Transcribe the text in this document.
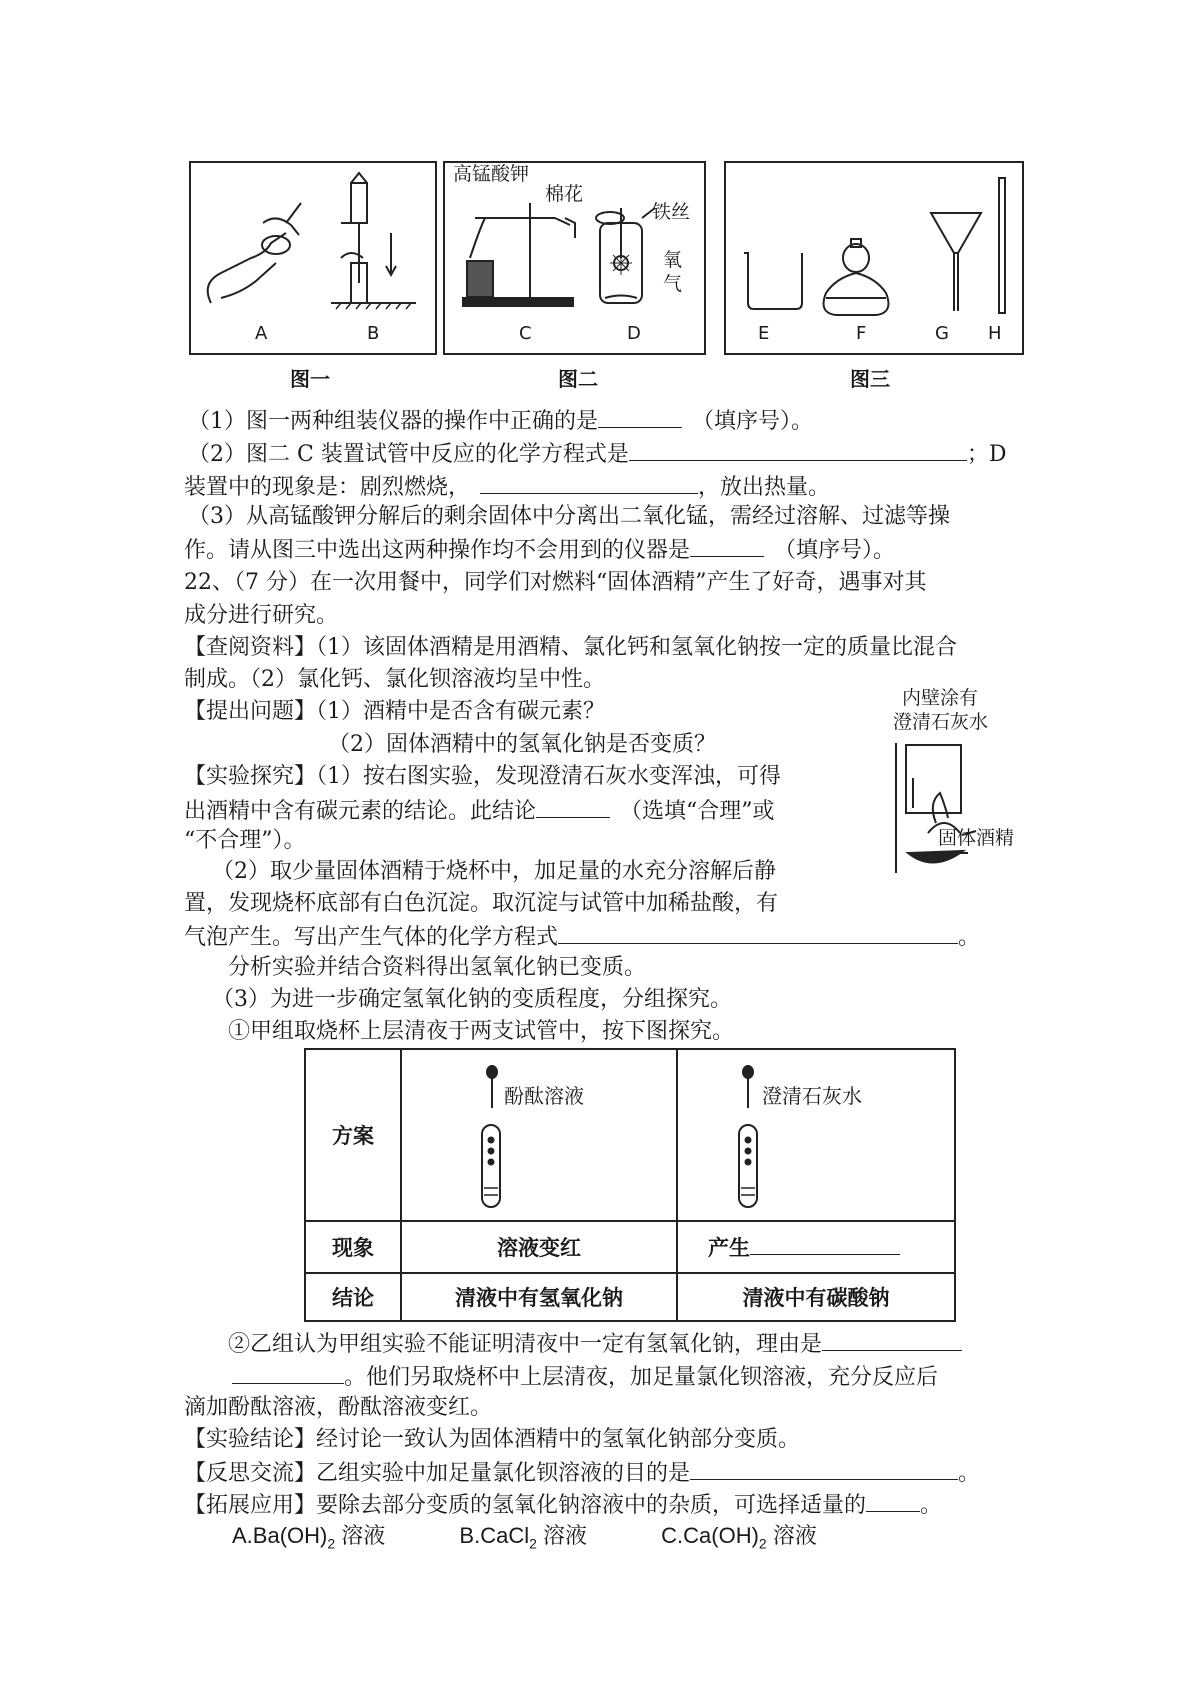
A	B
图一
高锰酸钾
棉花
铁丝
氧
气
C	D
图二
E	F	G H
图三
（1）图一两种组装仪器的操作中正确的是	（填序号）。
（2）图二 C 装置试管中反应的化学方程式是	；D
装置中的现象是：剧烈燃烧，	，放出热量。
（3）从高锰酸钾分解后的剩余固体中分离出二氧化锰，需经过溶解、过滤等操
作。请从图三中选出这两种操作均不会用到的仪器是	（填序号）。
22、（7 分）在一次用餐中，同学们对燃料“固体酒精”产生了好奇，遇事对其
成分进行研究。
【查阅资料】（1）该固体酒精是用酒精、氯化钙和氢氧化钠按一定的质量比混合
制成。（2）氯化钙、氯化钡溶液均呈中性。
【提出问题】（1）酒精中是否含有碳元素？
（2）固体酒精中的氢氧化钠是否变质？
【实验探究】（1）按右图实验，发现澄清石灰水变浑浊，可得
出酒精中含有碳元素的结论。此结论	（选填“合理”或
“不合理”）。
内壁涂有
澄清石灰水
固体酒精
（2）取少量固体酒精于烧杯中，加足量的水充分溶解后静
置，发现烧杯底部有白色沉淀。取沉淀与试管中加稀盐酸，有
气泡产生。写出产生气体的化学方程式	。
分析实验并结合资料得出氢氧化钠已变质。
（3）为进一步确定氢氧化钠的变质程度，分组探究。
①甲组取烧杯上层清夜于两支试管中，按下图探究。
方案	酚酞溶液	澄清石灰水

现象	溶液变红	产生
结论	清液中有氢氧化钠	清液中有碳酸钠
②乙组认为甲组实验不能证明清夜中一定有氢氧化钠，理由是
。他们另取烧杯中上层清夜，加足量氯化钡溶液，充分反应后
滴加酚酞溶液，酚酞溶液变红。
【实验结论】经讨论一致认为固体酒精中的氢氧化钠部分变质。
【反思交流】乙组实验中加足量氯化钡溶液的目的是	。
【拓展应用】要除去部分变质的氢氧化钠溶液中的杂质，可选择适量的 。
$A.Ba(OH)_2$ 溶液	B.CaCl$_2$ 溶液	$C.Ca(OH)_2$ 溶液
